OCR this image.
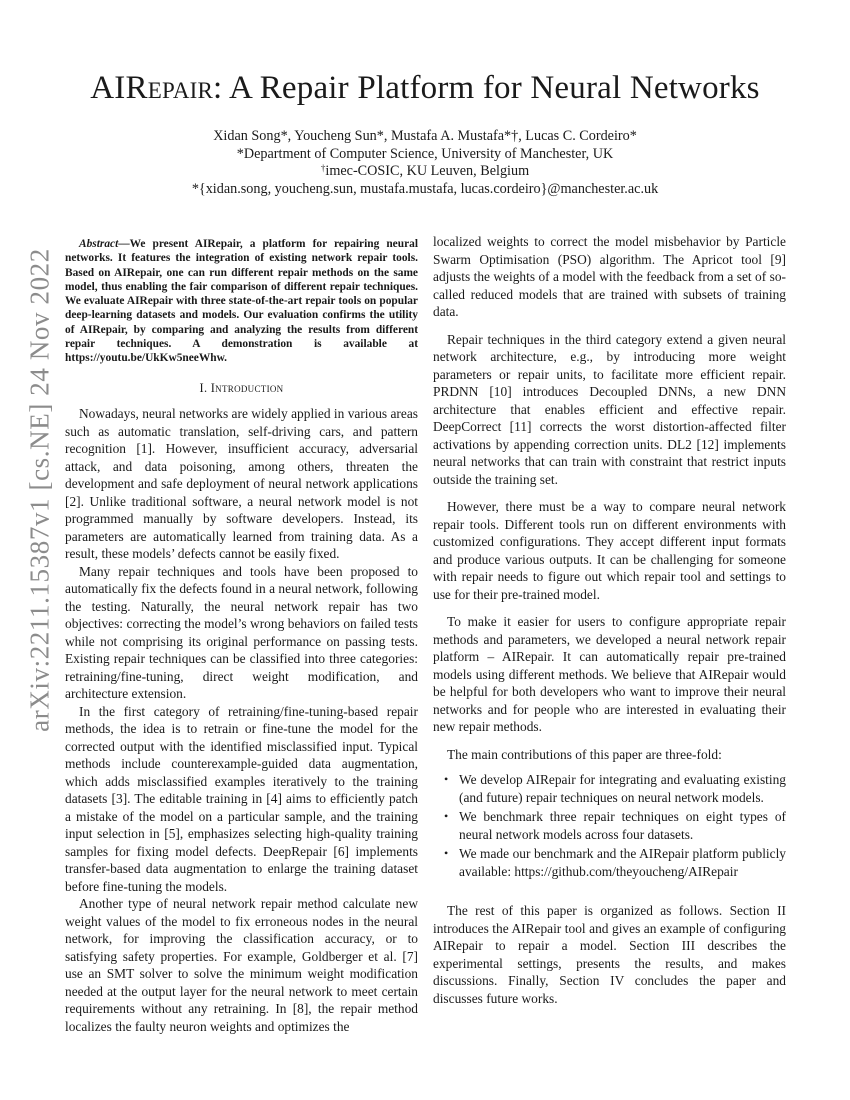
arXiv:2211.15387v1 [cs.NE] 24 Nov 2022
AIRepair: A Repair Platform for Neural Networks
Xidan Song*, Youcheng Sun*, Mustafa A. Mustafa*†, Lucas C. Cordeiro*
*Department of Computer Science, University of Manchester, UK
†imec-COSIC, KU Leuven, Belgium
*{xidan.song, youcheng.sun, mustafa.mustafa, lucas.cordeiro}@manchester.ac.uk

Abstract—We present AIRepair, a platform for repairing neural networks. It features the integration of existing network repair tools. Based on AIRepair, one can run different repair methods on the same model, thus enabling the fair comparison of different repair techniques. We evaluate AIRepair with three state-of-the-art repair tools on popular deep-learning datasets and models. Our evaluation confirms the utility of AIRepair, by comparing and analyzing the results from different repair techniques. A demonstration is available at https://youtu.be/UkKw5neeWhw.

I. Introduction

Nowadays, neural networks are widely applied in various areas such as automatic translation, self-driving cars, and pattern recognition [1]. However, insufficient accuracy, adversarial attack, and data poisoning, among others, threaten the development and safe deployment of neural network applications [2]. Unlike traditional software, a neural network model is not programmed manually by software developers. Instead, its parameters are automatically learned from training data. As a result, these models’ defects cannot be easily fixed.

Many repair techniques and tools have been proposed to automatically fix the defects found in a neural network, following the testing. Naturally, the neural network repair has two objectives: correcting the model’s wrong behaviors on failed tests while not comprising its original performance on passing tests. Existing repair techniques can be classified into three categories: retraining/fine-tuning, direct weight modification, and architecture extension.

In the first category of retraining/fine-tuning-based repair methods, the idea is to retrain or fine-tune the model for the corrected output with the identified misclassified input. Typical methods include counterexample-guided data augmentation, which adds misclassified examples iteratively to the training datasets [3]. The editable training in [4] aims to efficiently patch a mistake of the model on a particular sample, and the training input selection in [5], emphasizes selecting high-quality training samples for fixing model defects. DeepRepair [6] implements transfer-based data augmentation to enlarge the training dataset before fine-tuning the models.

Another type of neural network repair method calculate new weight values of the model to fix erroneous nodes in the neural network, for improving the classification accuracy, or to satisfying safety properties. For example, Goldberger et al. [7] use an SMT solver to solve the minimum weight modification needed at the output layer for the neural network to meet certain requirements without any retraining. In [8], the repair method localizes the faulty neuron weights and optimizes the

localized weights to correct the model misbehavior by Particle Swarm Optimisation (PSO) algorithm. The Apricot tool [9] adjusts the weights of a model with the feedback from a set of so-called reduced models that are trained with subsets of training data.

Repair techniques in the third category extend a given neural network architecture, e.g., by introducing more weight parameters or repair units, to facilitate more efficient repair. PRDNN [10] introduces Decoupled DNNs, a new DNN architecture that enables efficient and effective repair. DeepCorrect [11] corrects the worst distortion-affected filter activations by appending correction units. DL2 [12] implements neural networks that can train with constraint that restrict inputs outside the training set.

However, there must be a way to compare neural network repair tools. Different tools run on different environments with customized configurations. They accept different input formats and produce various outputs. It can be challenging for someone with repair needs to figure out which repair tool and settings to use for their pre-trained model.

To make it easier for users to configure appropriate repair methods and parameters, we developed a neural network repair platform – AIRepair. It can automatically repair pre-trained models using different methods. We believe that AIRepair would be helpful for both developers who want to improve their neural networks and for people who are interested in evaluating their new repair methods.

The main contributions of this paper are three-fold:

• We develop AIRepair for integrating and evaluating existing (and future) repair techniques on neural network models.
• We benchmark three repair techniques on eight types of neural network models across four datasets.
• We made our benchmark and the AIRepair platform publicly available: https://github.com/theyoucheng/AIRepair

The rest of this paper is organized as follows. Section II introduces the AIRepair tool and gives an example of configuring AIRepair to repair a model. Section III describes the experimental settings, presents the results, and makes discussions. Finally, Section IV concludes the paper and discusses future works.
